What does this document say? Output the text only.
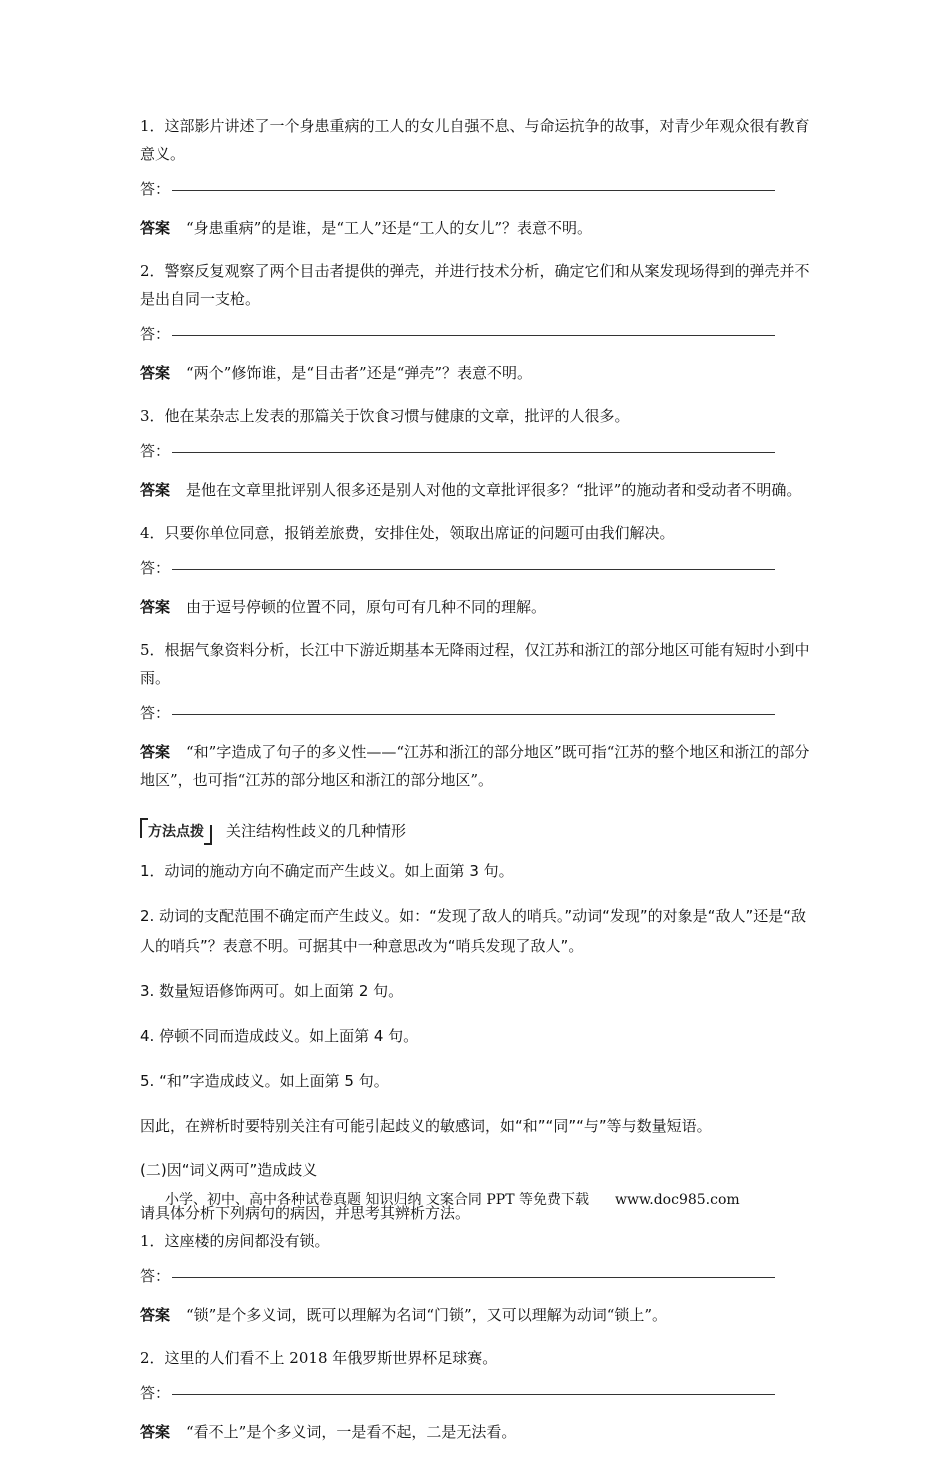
1．这部影片讲述了一个身患重病的工人的女儿自强不息、与命运抗争的故事，对青少年观众很有教育意义。

答：

答案 “身患重病”的是谁，是“工人”还是“工人的女儿”？表意不明。

2．警察反复观察了两个目击者提供的弹壳，并进行技术分析，确定它们和从案发现场得到的弹壳并不是出自同一支枪。

答：

答案 “两个”修饰谁，是“目击者”还是“弹壳”？表意不明。

3．他在某杂志上发表的那篇关于饮食习惯与健康的文章，批评的人很多。

答：

答案 是他在文章里批评别人很多还是别人对他的文章批评很多？“批评”的施动者和受动者不明确。

4．只要你单位同意，报销差旅费，安排住处，领取出席证的问题可由我们解决。

答：

答案 由于逗号停顿的位置不同，原句可有几种不同的理解。

5．根据气象资料分析，长江中下游近期基本无降雨过程，仅江苏和浙江的部分地区可能有短时小到中雨。

答：

答案 “和”字造成了句子的多义性——“江苏和浙江的部分地区”既可指“江苏的整个地区和浙江的部分地区”，也可指“江苏的部分地区和浙江的部分地区”。

方法点拨	关注结构性歧义的几种情形

1．动词的施动方向不确定而产生歧义。如上面第 3 句。

2. 动词的支配范围不确定而产生歧义。如：“发现了敌人的哨兵。”动词“发现”的对象是“敌人”还是“敌人的哨兵”？表意不明。可据其中一种意思改为“哨兵发现了敌人”。

3. 数量短语修饰两可。如上面第 2 句。

4. 停顿不同而造成歧义。如上面第 4 句。

5. “和”字造成歧义。如上面第 5 句。

因此，在辨析时要特别关注有可能引起歧义的敏感词，如“和”“同”“与”等与数量短语。

(二)因“词义两可”造成歧义

请具体分析下列病句的病因，并思考其辨析方法。

1．这座楼的房间都没有锁。

答：

答案 “锁”是个多义词，既可以理解为名词“门锁”，又可以理解为动词“锁上”。

2．这里的人们看不上 2018 年俄罗斯世界杯足球赛。

答：

答案 “看不上”是个多义词，一是看不起，二是无法看。

小学、初中、高中各种试卷真题 知识归纳 文案合同 PPT 等免费下载 www.doc985.com
